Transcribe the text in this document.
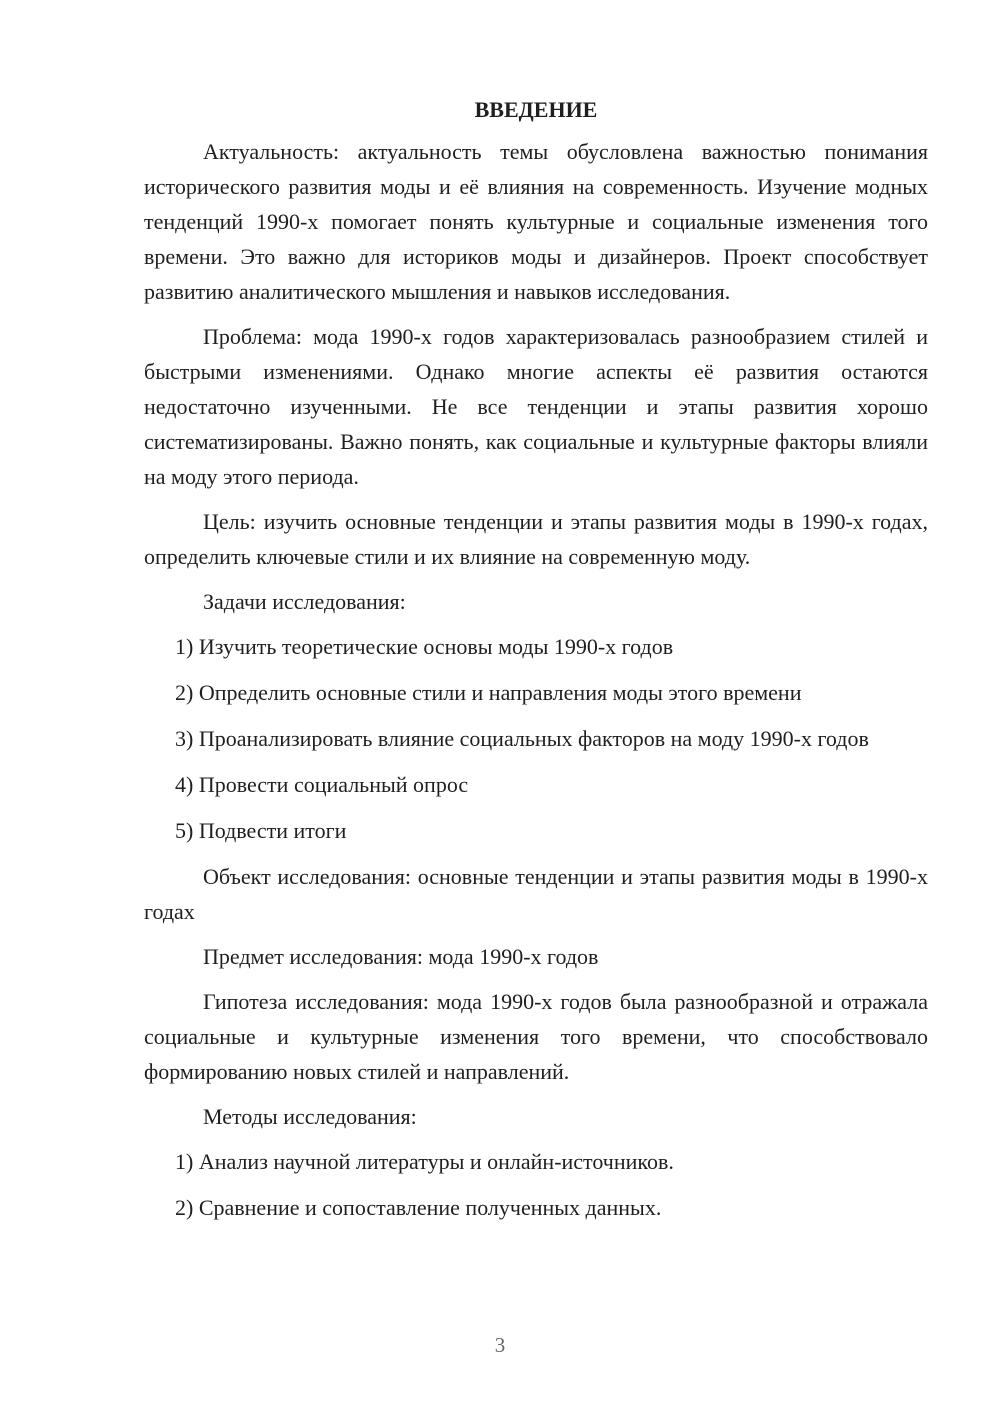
ВВЕДЕНИЕ

Актуальность: актуальность темы обусловлена важностью понимания исторического развития моды и её влияния на современность. Изучение модных тенденций 1990-х помогает понять культурные и социальные изменения того времени. Это важно для историков моды и дизайнеров. Проект способствует развитию аналитического мышления и навыков исследования.

Проблема: мода 1990-х годов характеризовалась разнообразием стилей и быстрыми изменениями. Однако многие аспекты её развития остаются недостаточно изученными. Не все тенденции и этапы развития хорошо систематизированы. Важно понять, как социальные и культурные факторы влияли на моду этого периода.

Цель: изучить основные тенденции и этапы развития моды в 1990-х годах, определить ключевые стили и их влияние на современную моду.

Задачи исследования:

1) Изучить теоретические основы моды 1990-х годов

2) Определить основные стили и направления моды этого времени

3) Проанализировать влияние социальных факторов на моду 1990-х годов

4) Провести социальный опрос

5) Подвести итоги

Объект исследования: основные тенденции и этапы развития моды в 1990-х годах

Предмет исследования: мода 1990-х годов

Гипотеза исследования: мода 1990-х годов была разнообразной и отражала социальные и культурные изменения того времени, что способствовало формированию новых стилей и направлений.

Методы исследования:

1) Анализ научной литературы и онлайн-источников.

2) Сравнение и сопоставление полученных данных.

3
